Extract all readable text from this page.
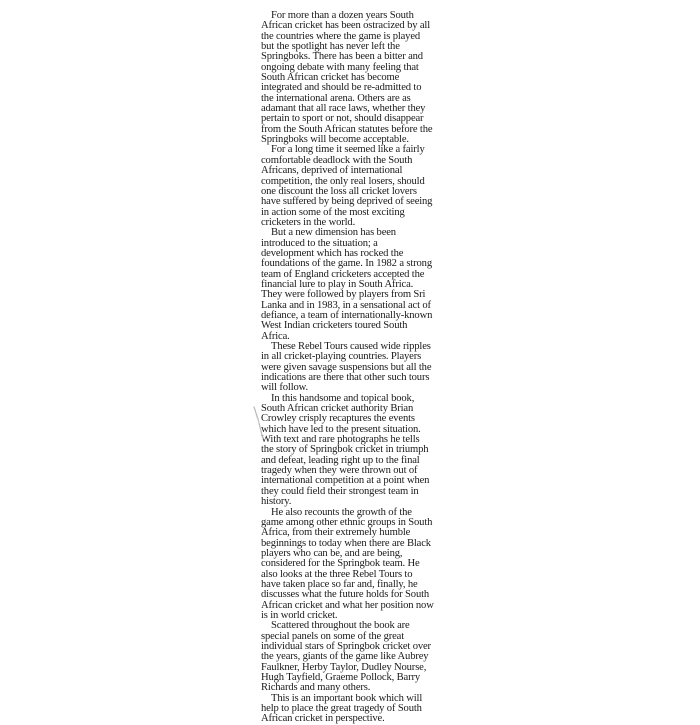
For more than a dozen years South
African cricket has been ostracized by all
the countries where the game is played
but the spotlight has never left the
Springboks. There has been a bitter and
ongoing debate with many feeling that
South African cricket has become
integrated and should be re-admitted to
the international arena. Others are as
adamant that all race laws, whether they
pertain to sport or not, should disappear
from the South African statutes before the
Springboks will become acceptable.

For a long time it seemed like a fairly
comfortable deadlock with the South
Africans, deprived of international
competition, the only real losers, should
one discount the loss all cricket lovers
have suffered by being deprived of seeing
in action some of the most exciting
cricketers in the world.

But a new dimension has been
introduced to the situation; a
development which has rocked the
foundations of the game. In 1982 a strong
team of England cricketers accepted the
financial lure to play in South Africa.
They were followed by players from Sri
Lanka and in 1983, in a sensational act of
defiance, a team of internationally-known
West Indian cricketers toured South
Africa.

These Rebel Tours caused wide ripples
in all cricket-playing countries. Players
were given savage suspensions but all the
indications are there that other such tours
will follow.

In this handsome and topical book,
South African cricket authority Brian
Crowley crisply recaptures the events
which have led to the present situation.
With text and rare photographs he tells
the story of Springbok cricket in triumph
and defeat, leading right up to the final
tragedy when they were thrown out of
international competition at a point when
they could field their strongest team in
history.

He also recounts the growth of the
game among other ethnic groups in South
Africa, from their extremely humble
beginnings to today when there are Black
players who can be, and are being,
considered for the Springbok team. He
also looks at the three Rebel Tours to
have taken place so far and, finally, he
discusses what the future holds for South
African cricket and what her position now
is in world cricket.

Scattered throughout the book are
special panels on some of the great
individual stars of Springbok cricket over
the years, giants of the game like Aubrey
Faulkner, Herby Taylor, Dudley Nourse,
Hugh Tayfield, Graeme Pollock, Barry
Richards and many others.

This is an important book which will
help to place the great tragedy of South
African cricket in perspective.
